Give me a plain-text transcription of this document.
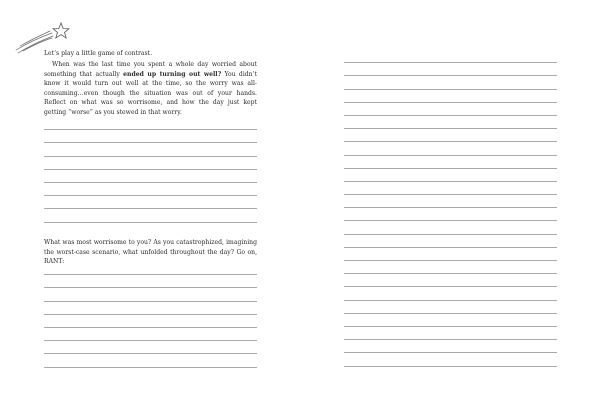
Let’s play a little game of contrast.

When was the last time you spent a whole day worried about something that actually ended up turning out well? You didn’t know it would turn out well at the time, so the worry was all-consuming…even though the situation was out of your hands. Reflect on what was so worrisome, and how the day just kept getting “worse” as you stewed in that worry.

What was most worrisome to you? As you catastrophized, imagining the worst-case scenario, what unfolded throughout the day? Go on, RANT:
